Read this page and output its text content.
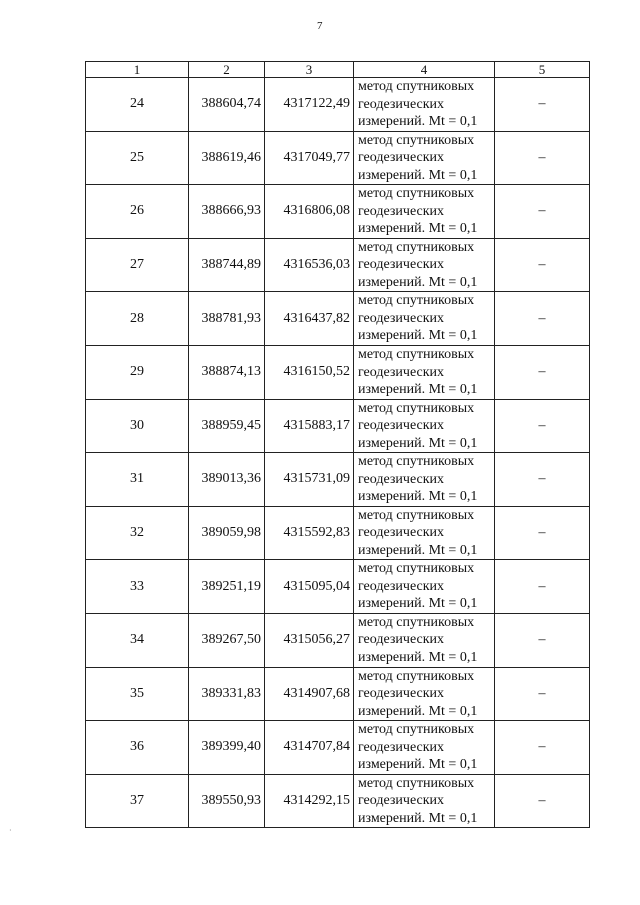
7
1	2	3	4	5
24	388604,74	4317122,49	метод спутниковых
геодезических
измерений. Mt = 0,1	–
25	388619,46	4317049,77	метод спутниковых
геодезических
измерений. Mt = 0,1	–
26	388666,93	4316806,08	метод спутниковых
геодезических
измерений. Mt = 0,1	–
27	388744,89	4316536,03	метод спутниковых
геодезических
измерений. Mt = 0,1	–
28	388781,93	4316437,82	метод спутниковых
геодезических
измерений. Mt = 0,1	–
29	388874,13	4316150,52	метод спутниковых
геодезических
измерений. Mt = 0,1	–
30	388959,45	4315883,17	метод спутниковых
геодезических
измерений. Mt = 0,1	–
31	389013,36	4315731,09	метод спутниковых
геодезических
измерений. Mt = 0,1	–
32	389059,98	4315592,83	метод спутниковых
геодезических
измерений. Mt = 0,1	–
33	389251,19	4315095,04	метод спутниковых
геодезических
измерений. Mt = 0,1	–
34	389267,50	4315056,27	метод спутниковых
геодезических
измерений. Mt = 0,1	–
35	389331,83	4314907,68	метод спутниковых
геодезических
измерений. Mt = 0,1	–
36	389399,40	4314707,84	метод спутниковых
геодезических
измерений. Mt = 0,1	–
37	389550,93	4314292,15	метод спутниковых
геодезических
измерений. Mt = 0,1	–
·
